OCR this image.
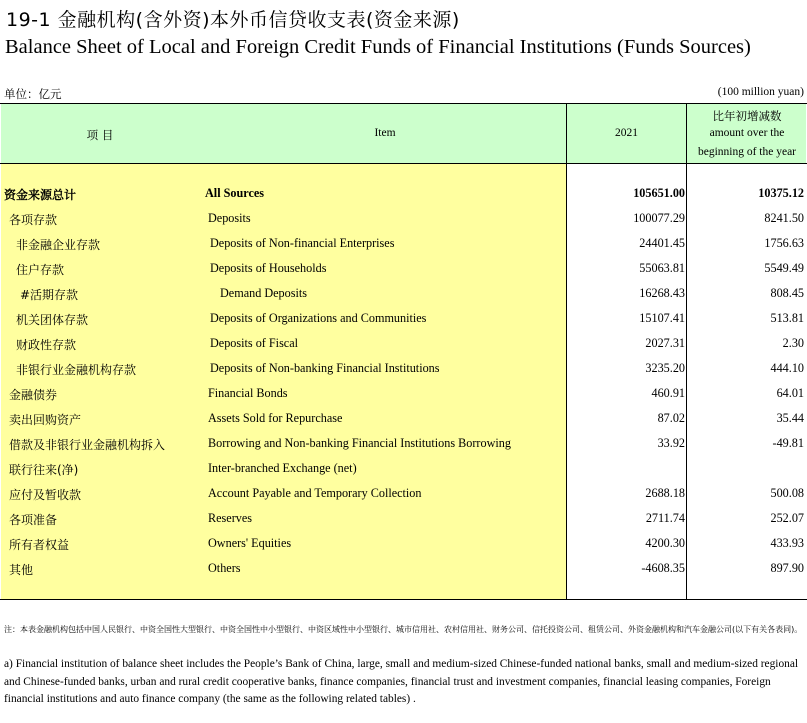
19-1 金融机构(含外资)本外币信贷收支表(资金来源)
Balance Sheet of Local and Foreign Credit Funds of Financial Institutions (Funds Sources)
单位：亿元	(100 million yuan)
项 目	Item	2021
比年初增减数
amount over the
beginning of the year
资金来源总计	All Sources	105651.00	10375.12
各项存款	Deposits	100077.29	8241.50
非金融企业存款	Deposits of Non-financial Enterprises	24401.45	1756.63
住户存款	Deposits of Households	55063.81	5549.49
#活期存款	Demand Deposits	16268.43	808.45
机关团体存款	Deposits of Organizations and Communities	15107.41	513.81
财政性存款	Deposits of Fiscal	2027.31	2.30
非银行业金融机构存款	Deposits of Non-banking Financial Institutions	3235.20	444.10
金融债券	Financial Bonds	460.91	64.01
卖出回购资产	Assets Sold for Repurchase	87.02	35.44
借款及非银行业金融机构拆入	Borrowing and Non-banking Financial Institutions Borrowing	33.92	-49.81
联行往来(净)	Inter-branched Exchange (net)
应付及暂收款	Account Payable and Temporary Collection	2688.18	500.08
各项准备	Reserves	2711.74	252.07
所有者权益	Owners' Equities	4200.30	433.93
其他	Others	-4608.35	897.90
注：本表金融机构包括中国人民银行、中资全国性大型银行、中资全国性中小型银行、中资区域性中小型银行、城市信用社、农村信用社、财务公司、信托投资公司、租赁公司、外资金融机构和汽车金融公司(以下有关各表同)。
a) Financial institution of balance sheet includes the People’s Bank of China, large, small and medium-sized Chinese-funded national banks, small and medium-sized regional and Chinese-funded banks, urban and rural credit cooperative banks, finance companies, financial trust and investment companies, financial leasing companies, Foreign financial institutions and auto finance company (the same as the following related tables) .
